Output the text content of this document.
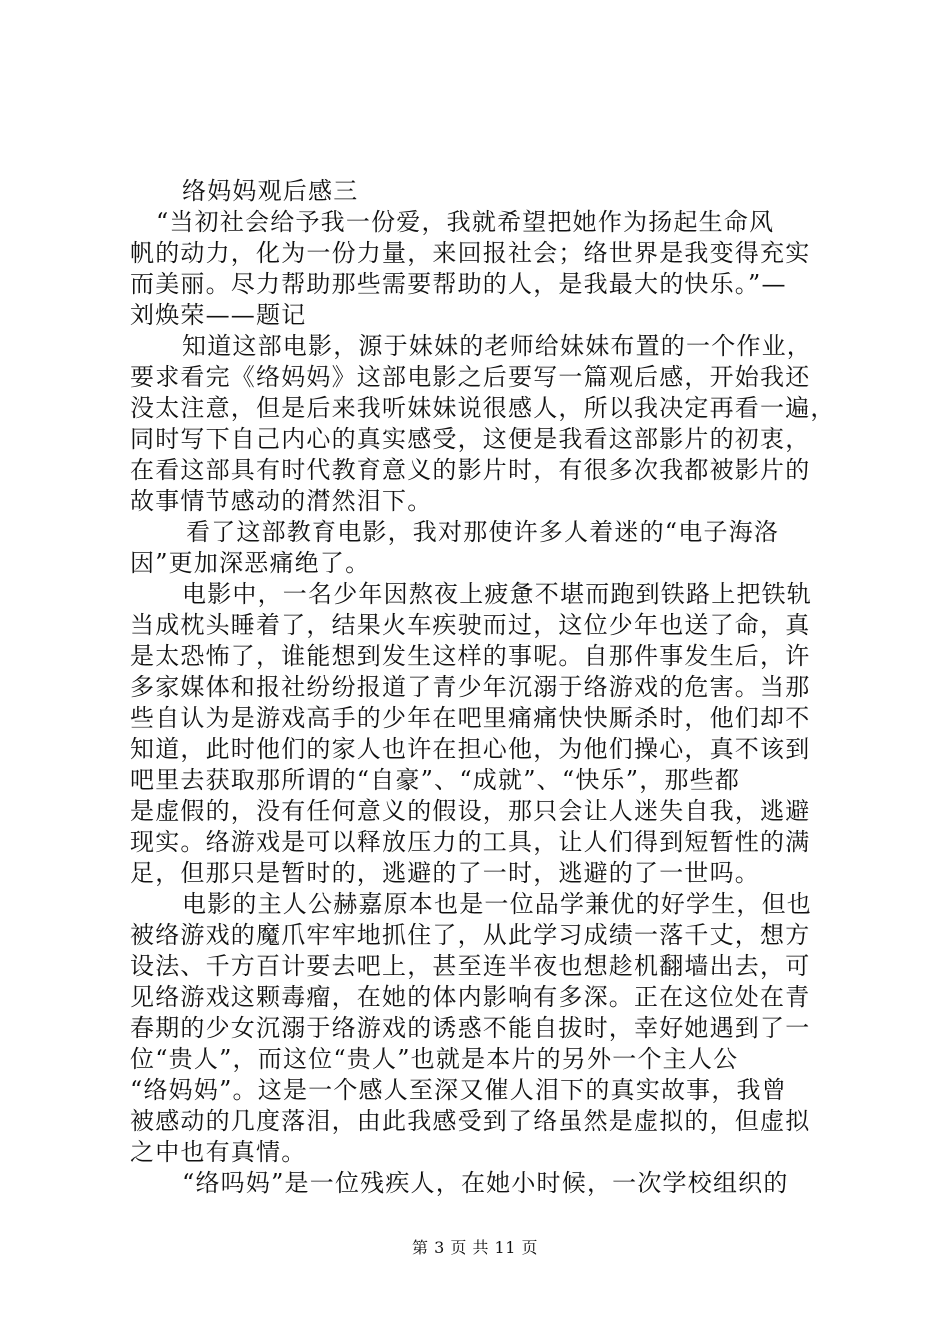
络妈妈观后感三
“当初社会给予我一份爱，我就希望把她作为扬起生命风
帆的动力，化为一份力量，来回报社会；络世界是我变得充实
而美丽。尽力帮助那些需要帮助的人，是我最大的快乐。”—
刘焕荣——题记
知道这部电影，源于妹妹的老师给妹妹布置的一个作业，
要求看完《络妈妈》这部电影之后要写一篇观后感，开始我还
没太注意，但是后来我听妹妹说很感人，所以我决定再看一遍，
同时写下自己内心的真实感受，这便是我看这部影片的初衷，
在看这部具有时代教育意义的影片时，有很多次我都被影片的
故事情节感动的潸然泪下。
看了这部教育电影，我对那使许多人着迷的“电子海洛
因”更加深恶痛绝了。
电影中，一名少年因熬夜上疲惫不堪而跑到铁路上把铁轨
当成枕头睡着了，结果火车疾驶而过，这位少年也送了命，真
是太恐怖了，谁能想到发生这样的事呢。自那件事发生后，许
多家媒体和报社纷纷报道了青少年沉溺于络游戏的危害。当那
些自认为是游戏高手的少年在吧里痛痛快快厮杀时，他们却不
知道，此时他们的家人也许在担心他，为他们操心，真不该到
吧里去获取那所谓的“自豪”、“成就”、“快乐”，那些都
是虚假的，没有任何意义的假设，那只会让人迷失自我，逃避
现实。络游戏是可以释放压力的工具，让人们得到短暂性的满
足，但那只是暂时的，逃避的了一时，逃避的了一世吗。
电影的主人公赫嘉原本也是一位品学兼优的好学生，但也
被络游戏的魔爪牢牢地抓住了，从此学习成绩一落千丈，想方
设法、千方百计要去吧上，甚至连半夜也想趁机翻墙出去，可
见络游戏这颗毒瘤，在她的体内影响有多深。正在这位处在青
春期的少女沉溺于络游戏的诱惑不能自拔时，幸好她遇到了一
位“贵人”，而这位“贵人”也就是本片的另外一个主人公
“络妈妈”。这是一个感人至深又催人泪下的真实故事，我曾
被感动的几度落泪，由此我感受到了络虽然是虚拟的，但虚拟
之中也有真情。
“络吗妈”是一位残疾人，在她小时候，一次学校组织的
第 3 页 共 11 页
